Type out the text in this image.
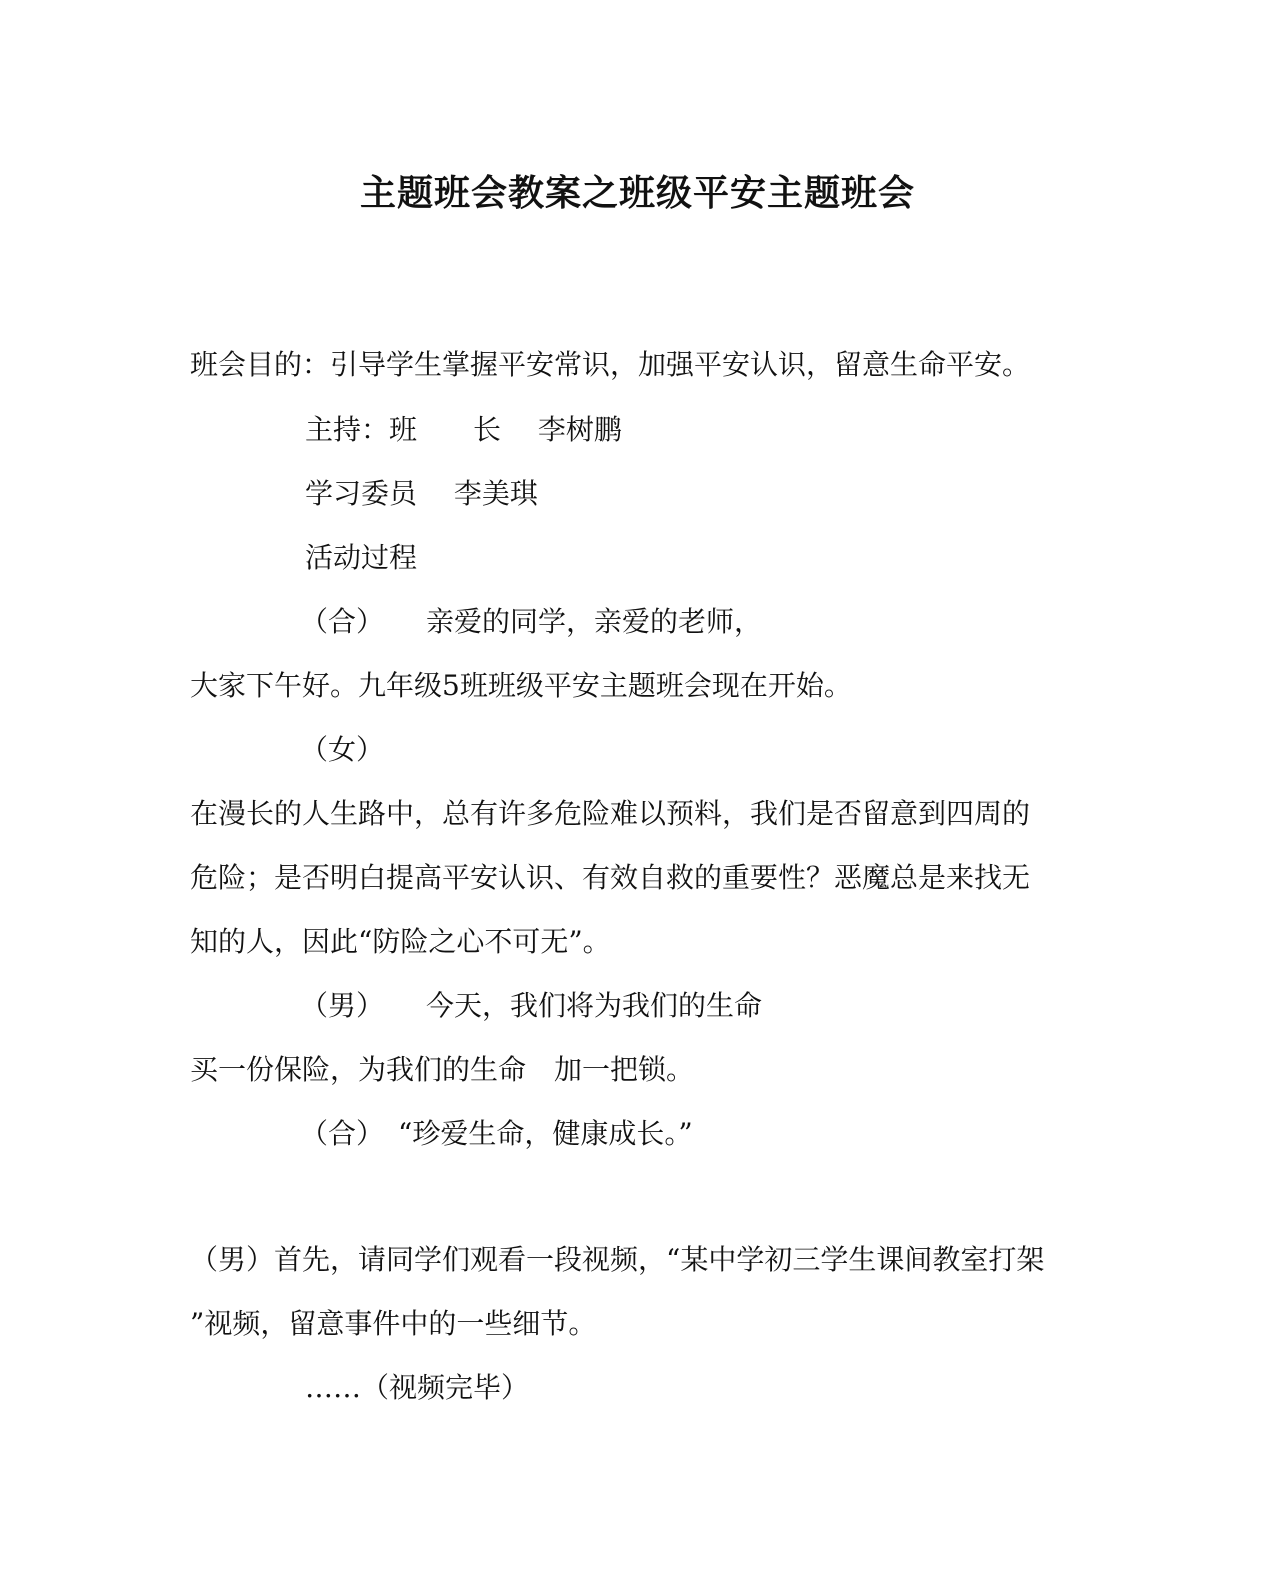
主题班会教案之班级平安主题班会
班会目的：引导学生掌握平安常识，加强平安认识，留意生命平安。
主持：班　　长　 李树鹏
学习委员　 李美琪
活动过程
（合）　　亲爱的同学，亲爱的老师，
大家下午好。九年级5班班级平安主题班会现在开始。
（女）
在漫长的人生路中，总有许多危险难以预料，我们是否留意到四周的
危险；是否明白提高平安认识、有效自救的重要性？恶魔总是来找无
知的人，因此“防险之心不可无”。
（男）　　今天，我们将为我们的生命
买一份保险，为我们的生命　加一把锁。
（合）　“珍爱生命，健康成长。”
（男）首先，请同学们观看一段视频，“某中学初三学生课间教室打架
”视频，留意事件中的一些细节。
……（视频完毕）
